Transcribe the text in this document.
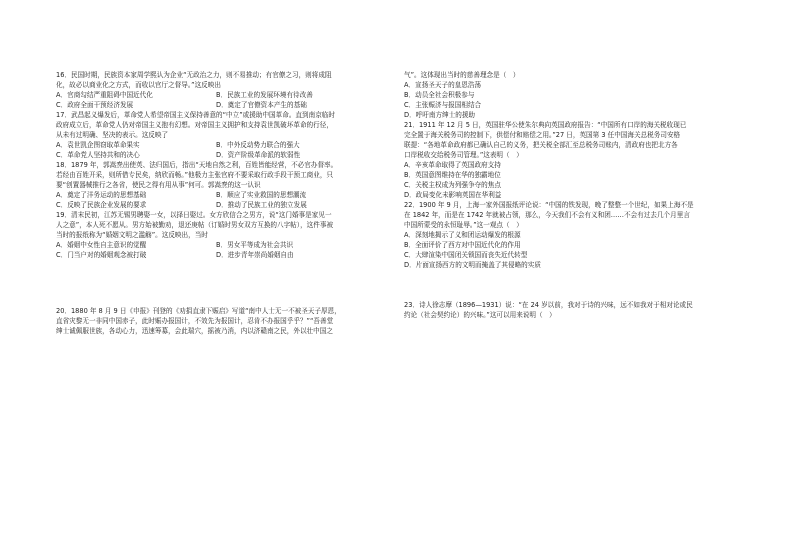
16．民国时期，民族资本家周学熙认为企业“无政治之力，则不易推动；有官僚之习，则将成阻
化，故必以商业化之方式，而收以官厅之督导。”这反映出
A．官商勾结严重阻碍中国近代化	B．民族工业的发展环境有待改善
C．政府全面干预经济发展	D．奠定了官僚资本产生的基础
17．武昌起义爆发后，革命党人希望帝国主义保持善意的“中立”或援助中国革命。直到南京临时
政府成立后，革命党人仍对帝国主义抱有幻想。对帝国主义拥护和支持袁世凯破坏革命的行径，
从未有过明确、坚决的表示。这反映了
A．袁世凯企图窃取革命果实	B．中外反动势力联合的强大
C．革命党人坚持共和的决心	D．资产阶级革命派的软弱性
18．1879 年，郭嵩焘出使英、法归国后，指出“天地自然之利，百姓皆能经营，不必官办督率。
若经由百姓开采，则所借专民矣，纳欣而畅。”他极力主张官府不要采取行政手段干预工商业，只
要“创置器械推行之各省，使民之得有用从事”何可。郭嵩焘的这一认识
A．奠定了洋务运动的思想基础	B．顺应了实业救国的思想潮流
C．反映了民族企业发展的要求	D．推动了民族工业的独立发展
19．清末民初，江苏无锡男聘娶一女，以择日娶过。女方欣信合之男方，说“这门婚事是家见一
人之意”，本人死不愿从。男方始被勤劝，退还庚帖（订婚时男女双方互换的八字帖），这件事被
当时的报纸称为“婚姻文明之滥觞”。这反映出，当时
A．婚姻中女性自主意识的觉醒	B．男女平等成为社会共识
C．门当户对的婚姻观念被打破	D．进步青年崇尚婚姻自由
20．1880 年 8 月 9 日《申报》刊登的《劝捐直隶下赈启》写道“南中人士无一不被圣天子厚恩，
直省灾黎无一非同中国赤子，此时赈办报国计，不效先为报国计，忍肯不办报国乎乎？”“吾善堂
绅士诚佩服世族，各动心力，迅速筹募，会此瑞穴，摇被乃消，内以济赣南之民，外以壮中国之
气”。这体现出当时的慈善理念是（　）
A．宣扬圣天子的皇恩浩荡
B．动员全社会积极参与
C．主张赈济与报国相结合
D．呼吁南方绅士的援助
21．1911 年 12 月 5 日，英国驻华公使朱尔典向英国政府报告：“中国所有口岸的海关税收现已
完全置于海关税务司的控制下，供偿付和赔偿之用。”27 日，英国第 3 任中国海关总税务司安格
联提：“各地革命政府都已确认自己的义务，把关税全部汇至总税务司账内，清政府也把北方各
口岸税收交给税务司管理。”这表明（　）
A．辛亥革命取得了英国政府支持
B．英国意图维持在华的独霸地位
C．关税主权成为列强争夺的焦点
D．政局变化未影响英国在华利益
22．1900 年 9 月，上海一家外国报纸评论说：“中国的铁发现，晚了整整一个世纪，如果上海不是
在 1842 年，而是在 1742 年就被占领，那么，今天我们不会有义和团……不会有过去几个月里言
中国所蒙受的永恒耻辱。”这一观点（　）
A．深刻地揭示了义和团运动爆发的根源
B．全面评价了西方对中国近代化的作用
C．大肆渲染中国闭关锁国而丧失近代转型
D．片面宣扬西方的文明而掩盖了其侵略的实质
23．诗人徐志摩（1896—1931）说：“在 24 岁以前，我对于诗的兴味，远不如我对于相对论或民
约论（社会契约论）的兴味。”这可以用来说明（　）
